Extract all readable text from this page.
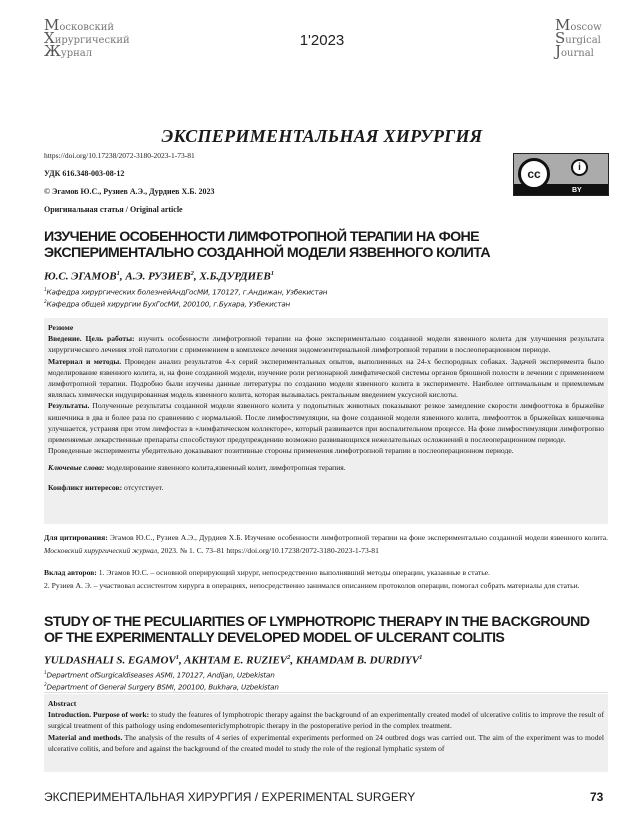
Московский
Хирургический
Журнал
1'2023
Moscow
Surgical
Journal
ЭКСПЕРИМЕНТАЛЬНАЯ ХИРУРГИЯ
cc	i
BY
https://doi.org/10.17238/2072-3180-2023-1-73-81
УДК 616.348-003-08-12
© Эгамов Ю.С., Рузиев А.Э., Дурдиев Х.Б. 2023
Оригинальная статья / Original article
ИЗУЧЕНИЕ ОСОБЕННОСТИ ЛИМФОТРОПНОЙ ТЕРАПИИ НА ФОНЕ ЭКСПЕРИМЕНТАЛЬНО СОЗДАННОЙ МОДЕЛИ ЯЗВЕННОГО КОЛИТА
Ю.С. ЭГАМОВ$^1$, А.Э. РУЗИЕВ$^2$, Х.Б.ДУРДИЕВ$^1$
$^1$Кафедра хирургических болезнейАндГосМИ, 170127, г.Андижан, Узбекистан
$^2$Кафедра общей хирургии БухГосМИ, 200100, г.Бухара, Узбекистан
Резюме
Введение. Цель работы: изучить особенности лимфотропной терапии на фоне экспериментально созданной модели язвенного колита для улучшения результата хирургического лечения этой патологии с применением в комплексе лечения эндомезентериальной лимфотропной терапии в послеоперационном периоде.
Материал и методы. Проведен анализ результатов 4-х серий экспериментальных опытов, выполненных на 24-х беспородных собаках. Задачей эксперимента было моделирование язвенного колита, и, на фоне созданной модели, изучение роли регионарной лимфатической системы органов брюшной полости в лечении с применением лимфотропной терапии. Подробно были изучены данные литературы по созданию модели язвенного колита в эксперименте. Наиболее оптимальным и приемлемым являлась химически индуцированная модель язвенного колита, которая вызывалась ректальным введением уксусной кислоты.
Результаты. Полученные результаты созданной модели язвенного колита у подопытных животных показывают резкое замедление скорости лимфооттока в брыжейке кишечника в два и более раза по сравнению с нормальной. После лимфостимуляции, на фоне созданной модели язвенного колита, лимфоотток в брыжейках кишечника улучшается, устраняя при этом лимфостаз в «лимфатическом коллекторе», который развивается при воспалительном процессе. На фоне лимфостимуляции лимфотропно применяемые лекарственные препараты способствуют предупреждению возможно развивающихся нежелательных осложнений в послеоперационном периоде.
Проведенные эксперименты убедительно доказывают позитивные стороны применения лимфотропной терапии в послеоперационном периоде.
Ключевые слова: моделирование язвенного колита,язвенный колит, лимфотропная терапия.
Конфликт интересов: отсутствует.
Для цитирования: Эгамов Ю.С., Рузиев А.Э., Дурдиев Х.Б. Изучение особенности лимфотропной терапии на фоне экспериментально созданной модели язвенного колита. Московский хирургический журнал, 2023. № 1. С. 73–81 https://doi.org/10.17238/2072-3180-2023-1-73-81
Вклад авторов: 1. Эгамов Ю.С. – основной оперирующий хирург, непосредственно выполнявший методы операции, указанные в статье.
2. Рузиев А. Э. – участвовал ассистентом хирурга в операциях, непосредственно занимался описанием протоколов операции, помогал собрать материалы для статьи.
STUDY OF THE PECULIARITIES OF LYMPHOTROPIC THERAPY IN THE BACKGROUND OF THE EXPERIMENTALLY DEVELOPED MODEL OF ULCERANT COLITIS
YULDASHALI S. EGAMOV$^1$, AKHTAM E. RUZIEV$^2$, KHAMDAM B. DURDIYV$^1$
$^1$Department ofSurgicaldiseases ASMI, 170127, Andijan, Uzbekistan
$^2$Department of General Surgery BSMI, 200100, Bukhara, Uzbekistan
Abstract
Introduction. Purpose of work: to study the features of lymphotropic therapy against the background of an experimentally created model of ulcerative colitis to improve the result of surgical treatment of this pathology using endomesentericlymphotropic therapy in the postoperative period in the complex treatment.
Material and methods. The analysis of the results of 4 series of experimental experiments performed on 24 outbred dogs was carried out. The aim of the experiment was to model ulcerative colitis, and before and against the background of the created model to study the role of the regional lymphatic system of
ЭКСПЕРИМЕНТАЛЬНАЯ ХИРУРГИЯ / EXPERIMENTAL SURGERY	73
